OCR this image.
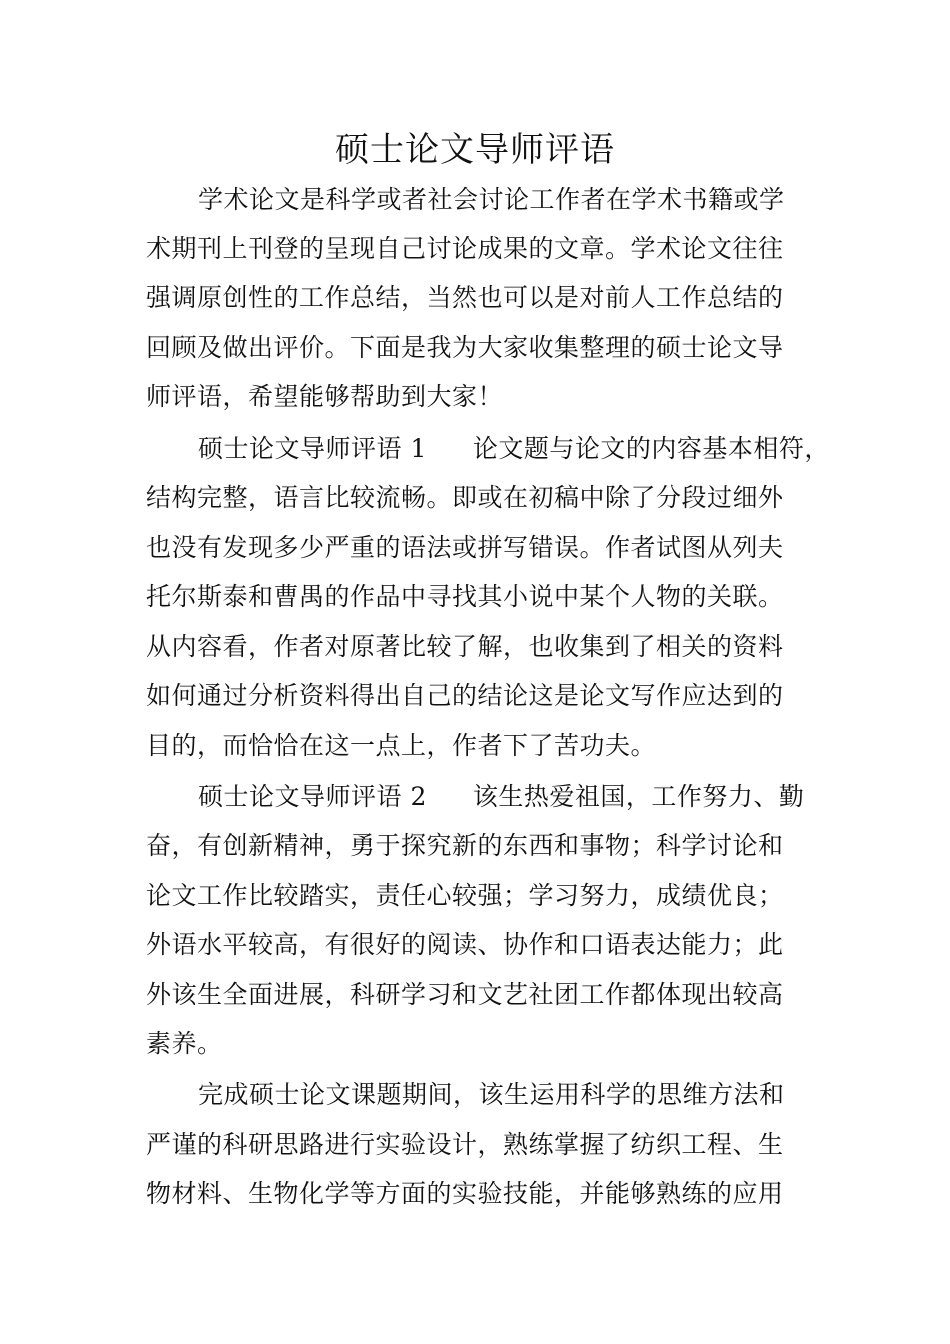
硕士论文导师评语
学术论文是科学或者社会讨论工作者在学术书籍或学
术期刊上刊登的呈现自己讨论成果的文章。学术论文往往
强调原创性的工作总结，当然也可以是对前人工作总结的
回顾及做出评价。下面是我为大家收集整理的硕士论文导
师评语，希望能够帮助到大家！
硕士论文导师评语 1 论文题与论文的内容基本相符，
结构完整，语言比较流畅。即或在初稿中除了分段过细外
也没有发现多少严重的语法或拼写错误。作者试图从列夫
托尔斯泰和曹禺的作品中寻找其小说中某个人物的关联。
从内容看，作者对原著比较了解，也收集到了相关的资料
如何通过分析资料得出自己的结论这是论文写作应达到的
目的，而恰恰在这一点上，作者下了苦功夫。
硕士论文导师评语 2 该生热爱祖国，工作努力、勤
奋，有创新精神，勇于探究新的东西和事物；科学讨论和
论文工作比较踏实，责任心较强；学习努力，成绩优良；
外语水平较高，有很好的阅读、协作和口语表达能力；此
外该生全面进展，科研学习和文艺社团工作都体现出较高
素养。
完成硕士论文课题期间，该生运用科学的思维方法和
严谨的科研思路进行实验设计，熟练掌握了纺织工程、生
物材料、生物化学等方面的实验技能，并能够熟练的应用
